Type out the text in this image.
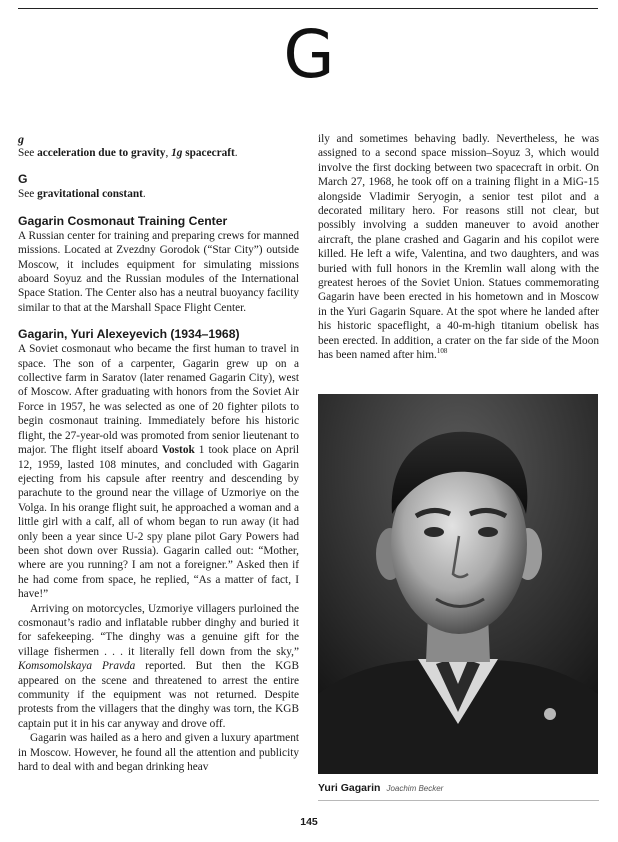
G

g

See acceleration due to gravity, 1g spacecraft.

G

See gravitational constant.

Gagarin Cosmonaut Training Center

A Russian center for training and preparing crews for manned missions. Located at Zvezdny Gorodok (“Star City”) outside Moscow, it includes equipment for simulating missions aboard Soyuz and the Russian modules of the International Space Station. The Center also has a neutral buoyancy facility similar to that at the Marshall Space Flight Center.

Gagarin, Yuri Alexeyevich (1934–1968)

A Soviet cosmonaut who became the first human to travel in space. The son of a carpenter, Gagarin grew up on a collective farm in Saratov (later renamed Gagarin City), west of Moscow. After graduating with honors from the Soviet Air Force in 1957, he was selected as one of 20 fighter pilots to begin cosmonaut training. Immediately before his historic flight, the 27-year-old was promoted from senior lieutenant to major. The flight itself aboard Vostok 1 took place on April 12, 1959, lasted 108 minutes, and concluded with Gagarin ejecting from his capsule after reentry and descending by parachute to the ground near the village of Uzmoriye on the Volga. In his orange flight suit, he approached a woman and a little girl with a calf, all of whom began to run away (it had only been a year since U-2 spy plane pilot Gary Powers had been shot down over Russia). Gagarin called out: “Mother, where are you running? I am not a foreigner.” Asked then if he had come from space, he replied, “As a matter of fact, I have!”

Arriving on motorcycles, Uzmoriye villagers purloined the cosmonaut’s radio and inflatable rubber dinghy and buried it for safekeeping. “The dinghy was a genuine gift for the village fishermen . . . it literally fell down from the sky,” Komsomolskaya Pravda reported. But then the KGB appeared on the scene and threatened to arrest the entire community if the equipment was not returned. Despite protests from the villagers that the dinghy was torn, the KGB captain put it in his car anyway and drove off.

Gagarin was hailed as a hero and given a luxury apartment in Moscow. However, he found all the attention and publicity hard to deal with and began drinking heav

ily and sometimes behaving badly. Nevertheless, he was assigned to a second space mission–Soyuz 3, which would involve the first docking between two spacecraft in orbit. On March 27, 1968, he took off on a training flight in a MiG-15 alongside Vladimir Seryogin, a senior test pilot and a decorated military hero. For reasons still not clear, but possibly involving a sudden maneuver to avoid another aircraft, the plane crashed and Gagarin and his copilot were killed. He left a wife, Valentina, and two daughters, and was buried with full honors in the Kremlin wall along with the greatest heroes of the Soviet Union. Statues commemorating Gagarin have been erected in his hometown and in Moscow in the Yuri Gagarin Square. At the spot where he landed after his historic spaceflight, a 40-m-high titanium obelisk has been erected. In addition, a crater on the far side of the Moon has been named after him.$^{108}$

Yuri Gagarin Joachim Becker
145
